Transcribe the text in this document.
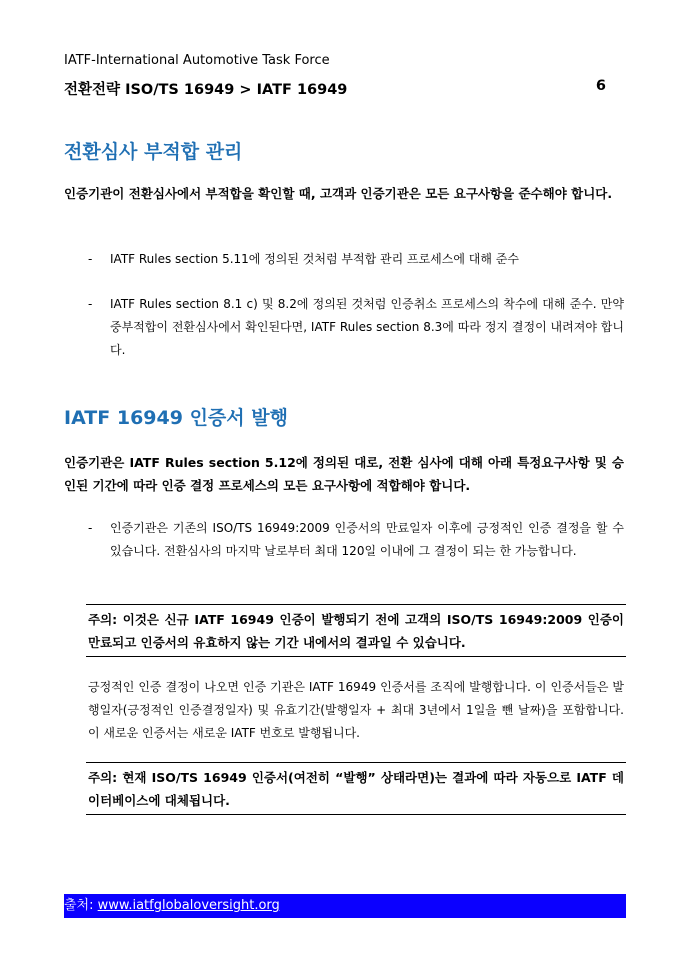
IATF-International Automotive Task Force
전환전략 ISO/TS 16949 > IATF 16949	6
전환심사 부적합 관리

인증기관이 전환심사에서 부적합을 확인할 때, 고객과 인증기관은 모든 요구사항을 준수해야 합니다.

- IATF Rules section 5.11에 정의된 것처럼 부적합 관리 프로세스에 대해 준수

- IATF Rules section 8.1 c) 및 8.2에 정의된 것처럼 인증취소 프로세스의 착수에 대해 준수. 만약 중부적합이 전환심사에서 확인된다면, IATF Rules section 8.3에 따라 정지 결정이 내려져야 합니다.

IATF 16949 인증서 발행

인증기관은 IATF Rules section 5.12에 정의된 대로, 전환 심사에 대해 아래 특정요구사항 및 승인된 기간에 따라 인증 결정 프로세스의 모든 요구사항에 적합해야 합니다.

- 인증기관은 기존의 ISO/TS 16949:2009 인증서의 만료일자 이후에 긍정적인 인증 결정을 할 수 있습니다. 전환심사의 마지막 날로부터 최대 120일 이내에 그 결정이 되는 한 가능합니다.

주의: 이것은 신규 IATF 16949 인증이 발행되기 전에 고객의 ISO/TS 16949:2009 인증이 만료되고 인증서의 유효하지 않는 기간 내에서의 결과일 수 있습니다.

긍정적인 인증 결정이 나오면 인증 기관은 IATF 16949 인증서를 조직에 발행합니다. 이 인증서들은 발행일자(긍정적인 인증결정일자) 및 유효기간(발행일자 + 최대 3년에서 1일을 뺀 날짜)을 포함합니다. 이 새로운 인증서는 새로운 IATF 번호로 발행됩니다.

주의: 현재 ISO/TS 16949 인증서(여전히 “발행” 상태라면)는 결과에 따라 자동으로 IATF 데이터베이스에 대체됩니다.
출처: www.iatfglobaloversight.org
